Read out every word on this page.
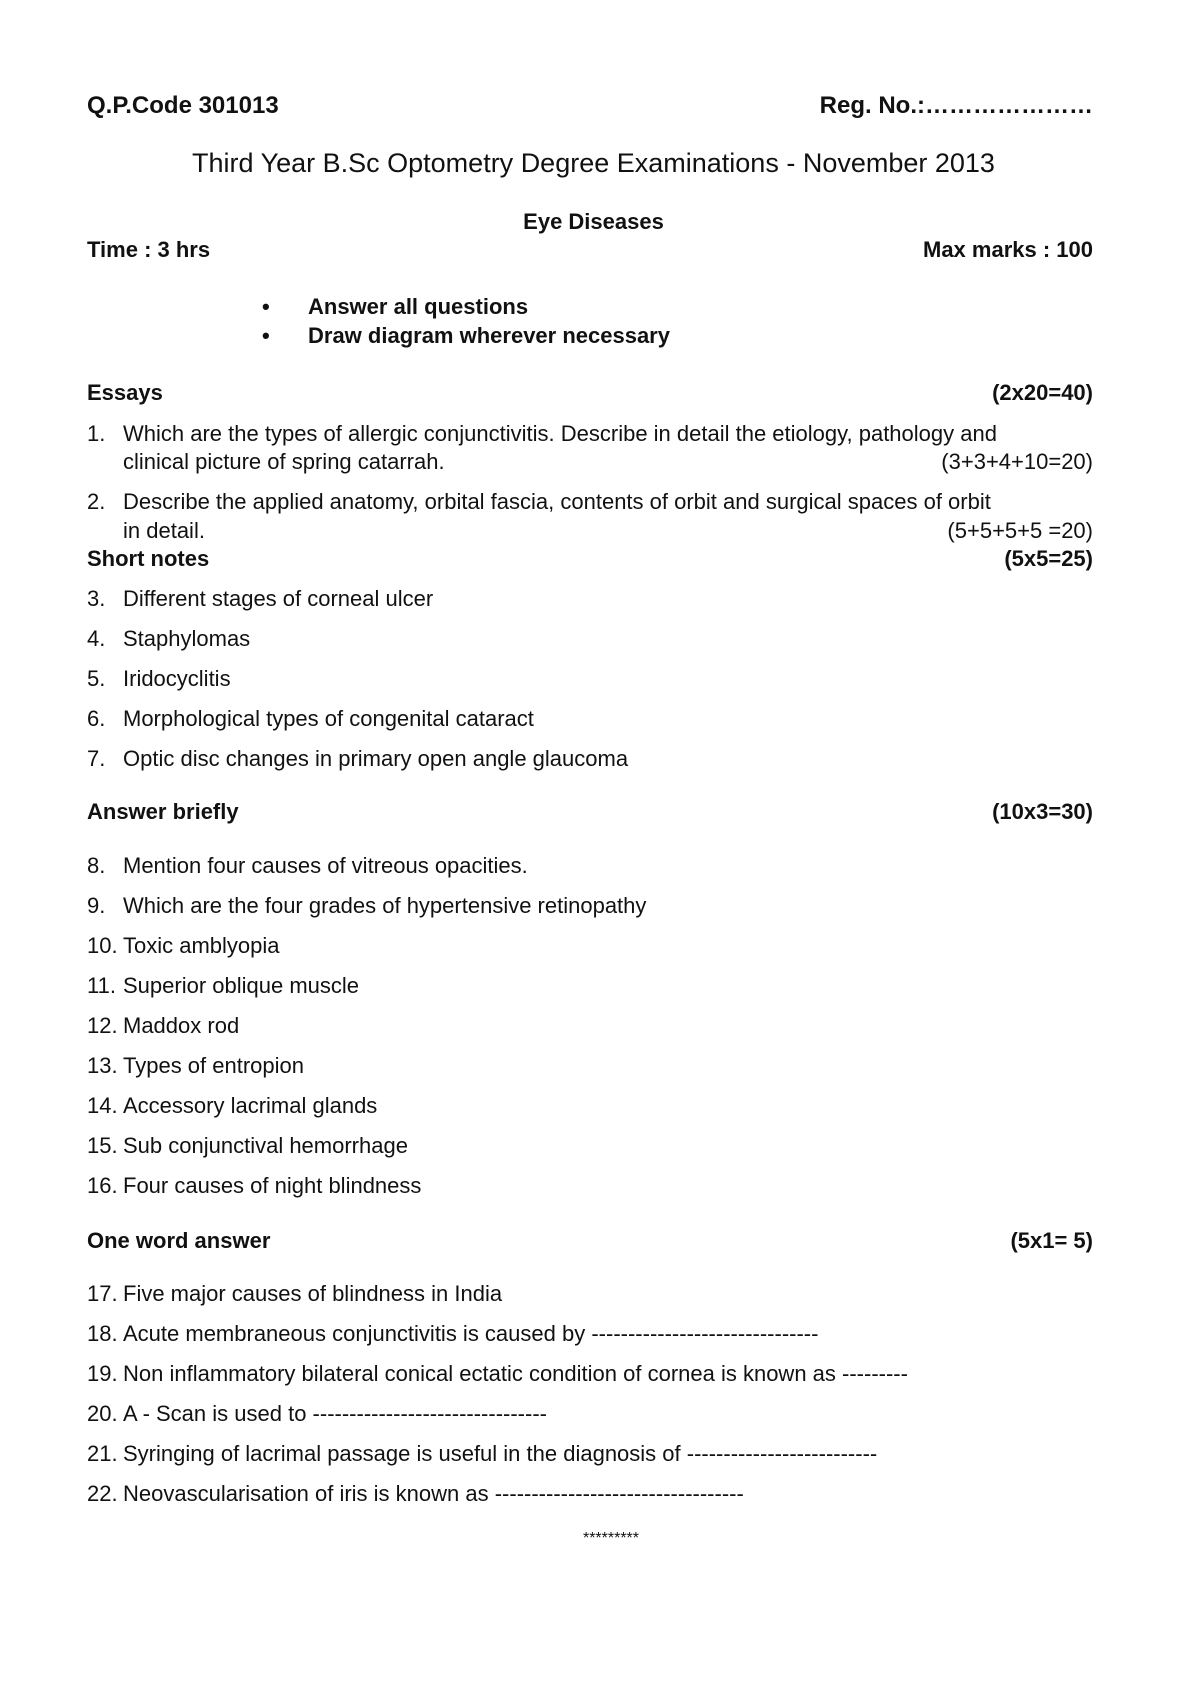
Q.P.Code 301013	Reg. No.:…………………
Third Year B.Sc Optometry Degree Examinations - November 2013
Eye Diseases
Time : 3 hrs	Max marks : 100
• Answer all questions
• Draw diagram wherever necessary
Essays	(2x20=40)
1. Which are the types of allergic conjunctivitis. Describe in detail the etiology, pathology and
clinical picture of spring catarrah.	(3+3+4+10=20)
2. Describe the applied anatomy, orbital fascia, contents of orbit and surgical spaces of orbit
in detail.	(5+5+5+5 =20)
Short notes	(5x5=25)
3. Different stages of corneal ulcer
4. Staphylomas
5. Iridocyclitis
6. Morphological types of congenital cataract
7. Optic disc changes in primary open angle glaucoma
Answer briefly	(10x3=30)
8. Mention four causes of vitreous opacities.
9. Which are the four grades of hypertensive retinopathy
10. Toxic amblyopia
11. Superior oblique muscle
12. Maddox rod
13. Types of entropion
14. Accessory lacrimal glands
15. Sub conjunctival hemorrhage
16. Four causes of night blindness
One word answer	(5x1= 5)
17. Five major causes of blindness in India
18. Acute membraneous conjunctivitis is caused by -------------------------------
19. Non inflammatory bilateral conical ectatic condition of cornea is known as ---------
20. A - Scan is used to --------------------------------
21. Syringing of lacrimal passage is useful in the diagnosis of --------------------------
22. Neovascularisation of iris is known as ----------------------------------
*********
